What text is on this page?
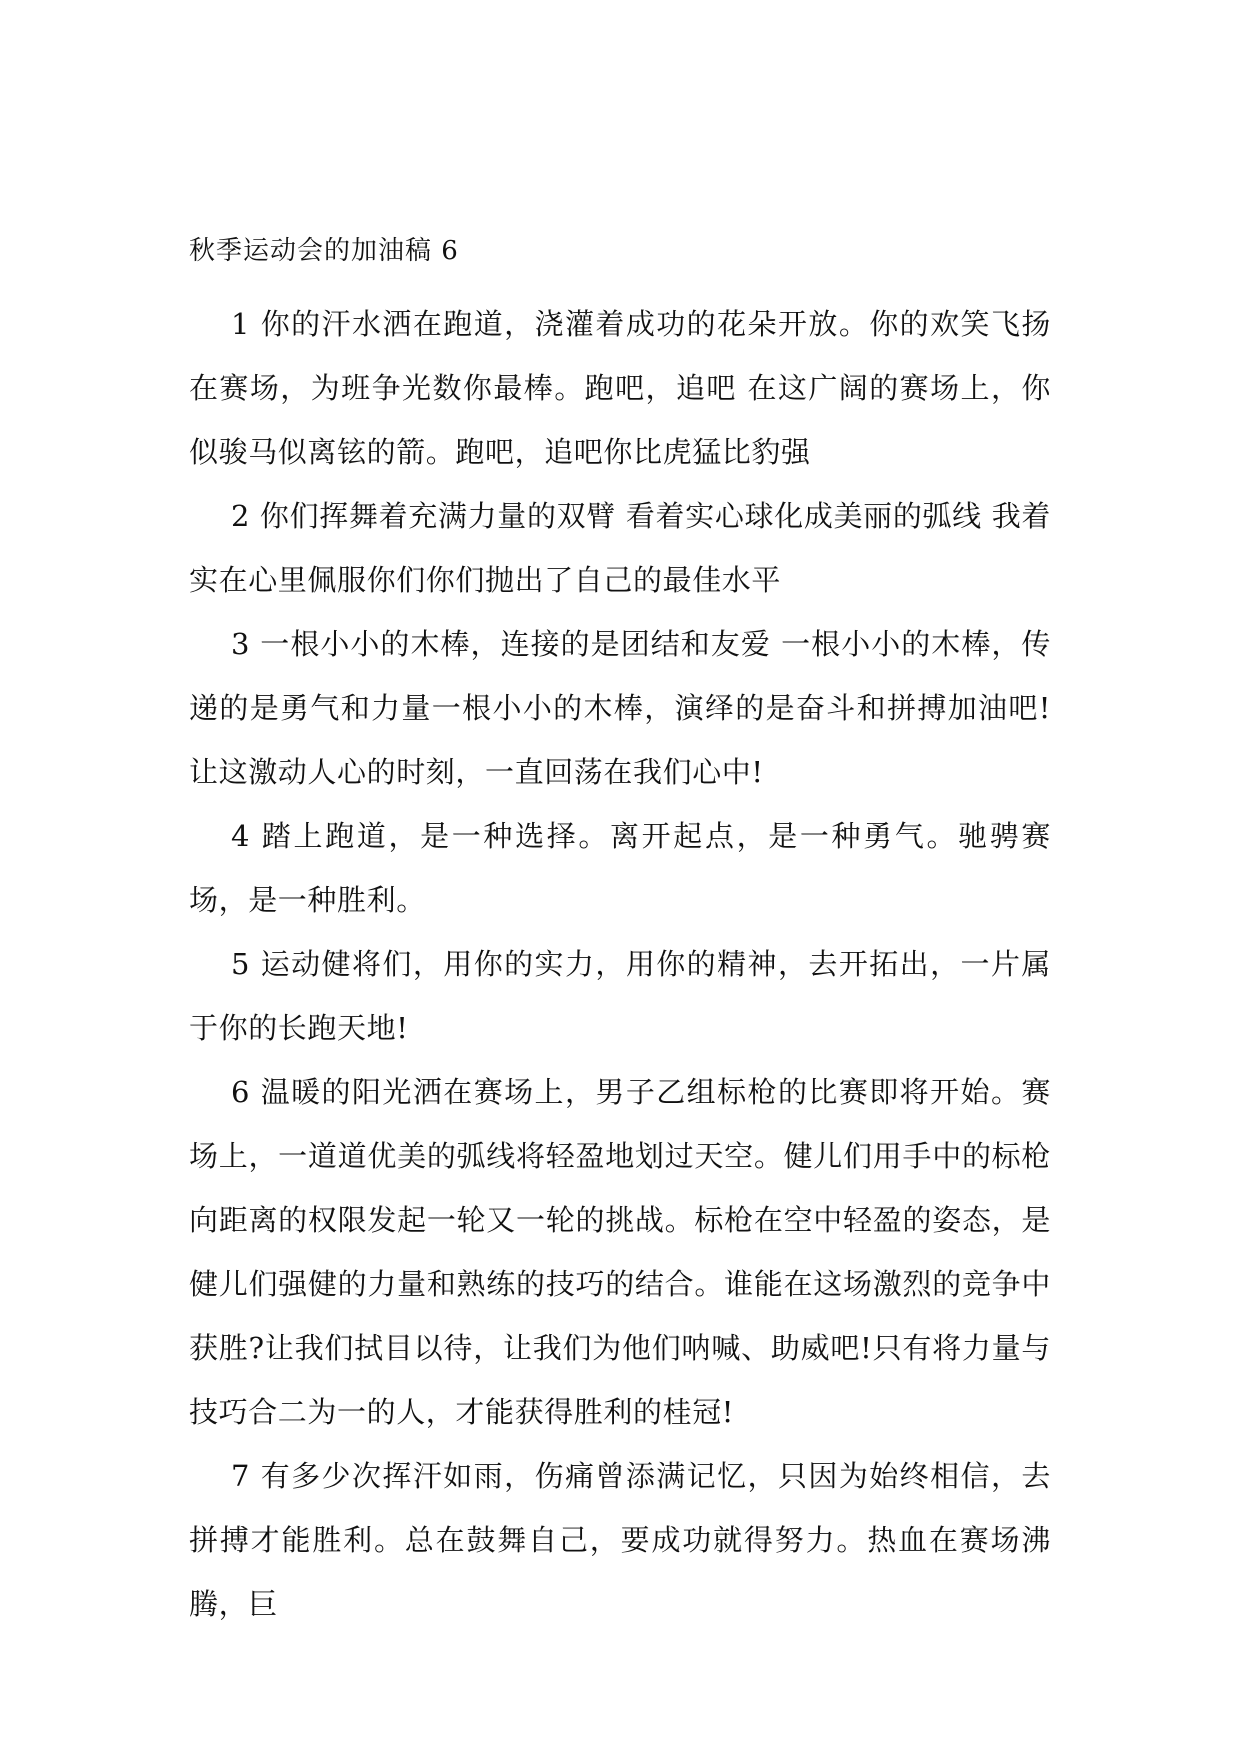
秋季运动会的加油稿 6

1 你的汗水洒在跑道，浇灌着成功的花朵开放。你的欢笑飞扬在赛场，为班争光数你最棒。跑吧，追吧 在这广阔的赛场上，你似骏马似离铉的箭。跑吧，追吧你比虎猛比豹强

2 你们挥舞着充满力量的双臂 看着实心球化成美丽的弧线 我着实在心里佩服你们你们抛出了自己的最佳水平

3 一根小小的木棒，连接的是团结和友爱 一根小小的木棒，传递的是勇气和力量一根小小的木棒，演绎的是奋斗和拼搏加油吧!让这激动人心的时刻，一直回荡在我们心中!

4 踏上跑道，是一种选择。离开起点，是一种勇气。驰骋赛场，是一种胜利。

5 运动健将们，用你的实力，用你的精神，去开拓出，一片属于你的长跑天地!

6 温暖的阳光洒在赛场上，男子乙组标枪的比赛即将开始。赛场上，一道道优美的弧线将轻盈地划过天空。健儿们用手中的标枪向距离的权限发起一轮又一轮的挑战。标枪在空中轻盈的姿态，是健儿们强健的力量和熟练的技巧的结合。谁能在这场激烈的竞争中获胜?让我们拭目以待，让我们为他们呐喊、助威吧!只有将力量与技巧合二为一的人，才能获得胜利的桂冠!

7 有多少次挥汗如雨，伤痛曾添满记忆，只因为始终相信，去拼搏才能胜利。总在鼓舞自己，要成功就得努力。热血在赛场沸腾，巨
